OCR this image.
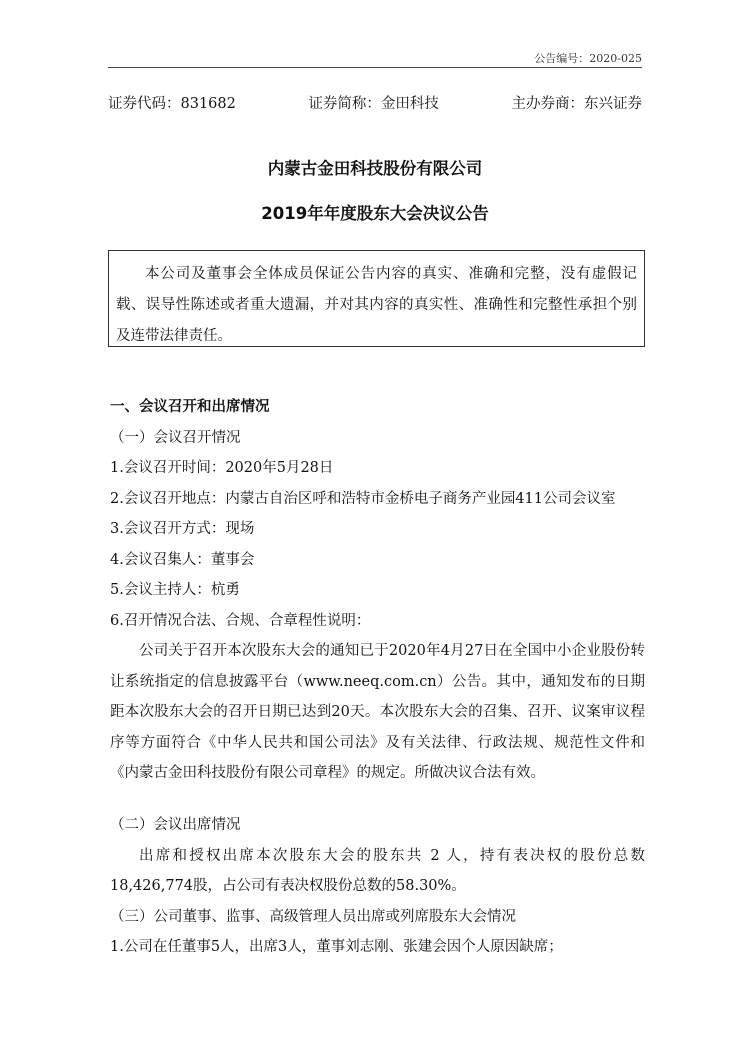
公告编号：2020-025
证券代码：831682	证券简称：金田科技	主办券商：东兴证券
内蒙古金田科技股份有限公司
2019年年度股东大会决议公告
本公司及董事会全体成员保证公告内容的真实、准确和完整，没有虚假记载、误导性陈述或者重大遗漏，并对其内容的真实性、准确性和完整性承担个别及连带法律责任。

一、会议召开和出席情况

（一）会议召开情况

1.会议召开时间：2020年5月28日

2.会议召开地点：内蒙古自治区呼和浩特市金桥电子商务产业园411公司会议室

3.会议召开方式：现场

4.会议召集人：董事会

5.会议主持人：杭勇

6.召开情况合法、合规、合章程性说明：

公司关于召开本次股东大会的通知已于2020年4月27日在全国中小企业股份转让系统指定的信息披露平台（www.neeq.com.cn）公告。其中，通知发布的日期距本次股东大会的召开日期已达到20天。本次股东大会的召集、召开、议案审议程序等方面符合《中华人民共和国公司法》及有关法律、行政法规、规范性文件和《内蒙古金田科技股份有限公司章程》的规定。所做决议合法有效。

（二）会议出席情况

出席和授权出席本次股东大会的股东共 2 人，持有表决权的股份总数18,426,774股，占公司有表决权股份总数的58.30%。

（三）公司董事、监事、高级管理人员出席或列席股东大会情况

1.公司在任董事5人，出席3人，董事刘志刚、张建会因个人原因缺席；
